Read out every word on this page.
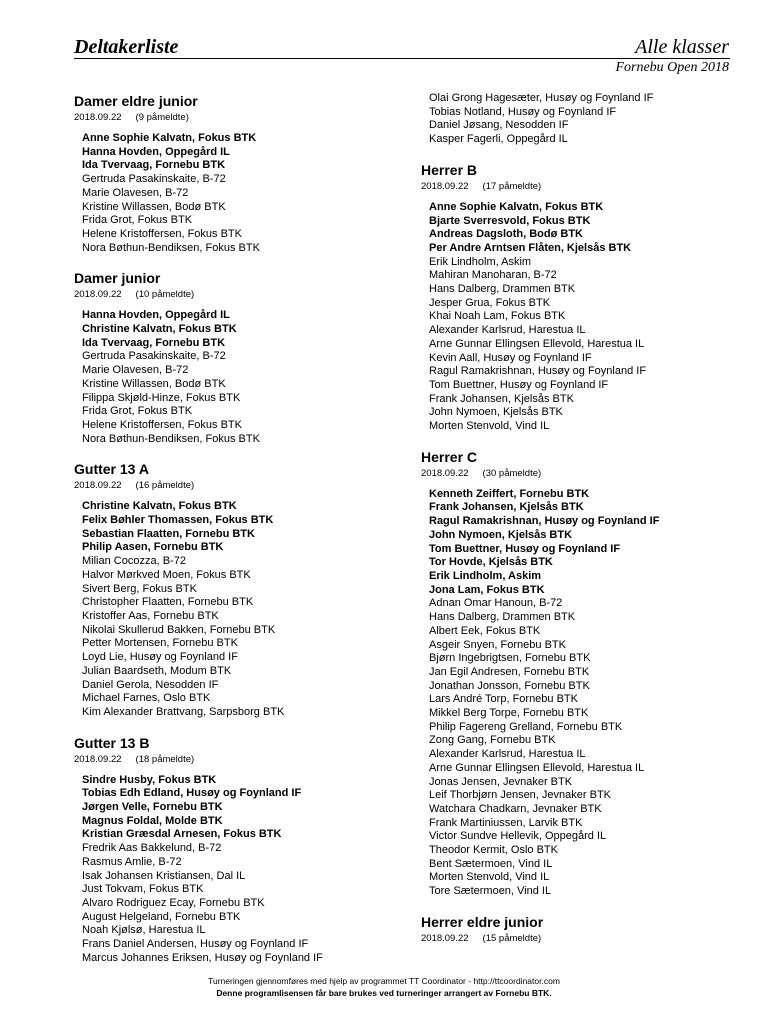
Deltakerliste	Alle klasser
Fornebu Open 2018
Damer eldre junior
2018.09.22 (9 påmeldte)
Anne Sophie Kalvatn, Fokus BTK
Hanna Hovden, Oppegård IL
Ida Tvervaag, Fornebu BTK
Gertruda Pasakinskaite, B-72
Marie Olavesen, B-72
Kristine Willassen, Bodø BTK
Frida Grot, Fokus BTK
Helene Kristoffersen, Fokus BTK
Nora Bøthun-Bendiksen, Fokus BTK
Damer junior
2018.09.22 (10 påmeldte)
Hanna Hovden, Oppegård IL
Christine Kalvatn, Fokus BTK
Ida Tvervaag, Fornebu BTK
Gertruda Pasakinskaite, B-72
Marie Olavesen, B-72
Kristine Willassen, Bodø BTK
Filippa Skjøld-Hinze, Fokus BTK
Frida Grot, Fokus BTK
Helene Kristoffersen, Fokus BTK
Nora Bøthun-Bendiksen, Fokus BTK
Gutter 13 A
2018.09.22 (16 påmeldte)
Christine Kalvatn, Fokus BTK
Felix Bøhler Thomassen, Fokus BTK
Sebastian Flaatten, Fornebu BTK
Philip Aasen, Fornebu BTK
Milian Cocozza, B-72
Halvor Mørkved Moen, Fokus BTK
Sivert Berg, Fokus BTK
Christopher Flaatten, Fornebu BTK
Kristoffer Aas, Fornebu BTK
Nikolai Skullerud Bakken, Fornebu BTK
Petter Mortensen, Fornebu BTK
Loyd Lie, Husøy og Foynland IF
Julian Baardseth, Modum BTK
Daniel Gerola, Nesodden IF
Michael Farnes, Oslo BTK
Kim Alexander Brattvang, Sarpsborg BTK
Gutter 13 B
2018.09.22 (18 påmeldte)
Sindre Husby, Fokus BTK
Tobias Edh Edland, Husøy og Foynland IF
Jørgen Velle, Fornebu BTK
Magnus Foldal, Molde BTK
Kristian Græsdal Arnesen, Fokus BTK
Fredrik Aas Bakkelund, B-72
Rasmus Amlie, B-72
Isak Johansen Kristiansen, Dal IL
Just Tokvam, Fokus BTK
Alvaro Rodriguez Ecay, Fornebu BTK
August Helgeland, Fornebu BTK
Noah Kjølsø, Harestua IL
Frans Daniel Andersen, Husøy og Foynland IF
Marcus Johannes Eriksen, Husøy og Foynland IF
Olai Grong Hagesæter, Husøy og Foynland IF
Tobias Notland, Husøy og Foynland IF
Daniel Jøsang, Nesodden IF
Kasper Fagerli, Oppegård IL
Herrer B
2018.09.22 (17 påmeldte)
Anne Sophie Kalvatn, Fokus BTK
Bjarte Sverresvold, Fokus BTK
Andreas Dagsloth, Bodø BTK
Per Andre Arntsen Flåten, Kjelsås BTK
Erik Lindholm, Askim
Mahiran Manoharan, B-72
Hans Dalberg, Drammen BTK
Jesper Grua, Fokus BTK
Khai Noah Lam, Fokus BTK
Alexander Karlsrud, Harestua IL
Arne Gunnar Ellingsen Ellevold, Harestua IL
Kevin Aall, Husøy og Foynland IF
Ragul Ramakrishnan, Husøy og Foynland IF
Tom Buettner, Husøy og Foynland IF
Frank Johansen, Kjelsås BTK
John Nymoen, Kjelsås BTK
Morten Stenvold, Vind IL
Herrer C
2018.09.22 (30 påmeldte)
Kenneth Zeiffert, Fornebu BTK
Frank Johansen, Kjelsås BTK
Ragul Ramakrishnan, Husøy og Foynland IF
John Nymoen, Kjelsås BTK
Tom Buettner, Husøy og Foynland IF
Tor Hovde, Kjelsås BTK
Erik Lindholm, Askim
Jona Lam, Fokus BTK
Adnan Omar Hanoun, B-72
Hans Dalberg, Drammen BTK
Albert Eek, Fokus BTK
Asgeir Snyen, Fornebu BTK
Bjørn Ingebrigtsen, Fornebu BTK
Jan Egil Andresen, Fornebu BTK
Jonathan Jonsson, Fornebu BTK
Lars André Torp, Fornebu BTK
Mikkel Berg Torpe, Fornebu BTK
Philip Fagereng Grelland, Fornebu BTK
Zong Gang, Fornebu BTK
Alexander Karlsrud, Harestua IL
Arne Gunnar Ellingsen Ellevold, Harestua IL
Jonas Jensen, Jevnaker BTK
Leif Thorbjørn Jensen, Jevnaker BTK
Watchara Chadkarn, Jevnaker BTK
Frank Martiniussen, Larvik BTK
Victor Sundve Hellevik, Oppegård IL
Theodor Kermit, Oslo BTK
Bent Sætermoen, Vind IL
Morten Stenvold, Vind IL
Tore Sætermoen, Vind IL
Herrer eldre junior
2018.09.22 (15 påmeldte)
Turneringen gjennomføres med hjelp av programmet TT Coordinator - http://ttcoordinator.com
Denne programlisensen får bare brukes ved turneringer arrangert av Fornebu BTK.
